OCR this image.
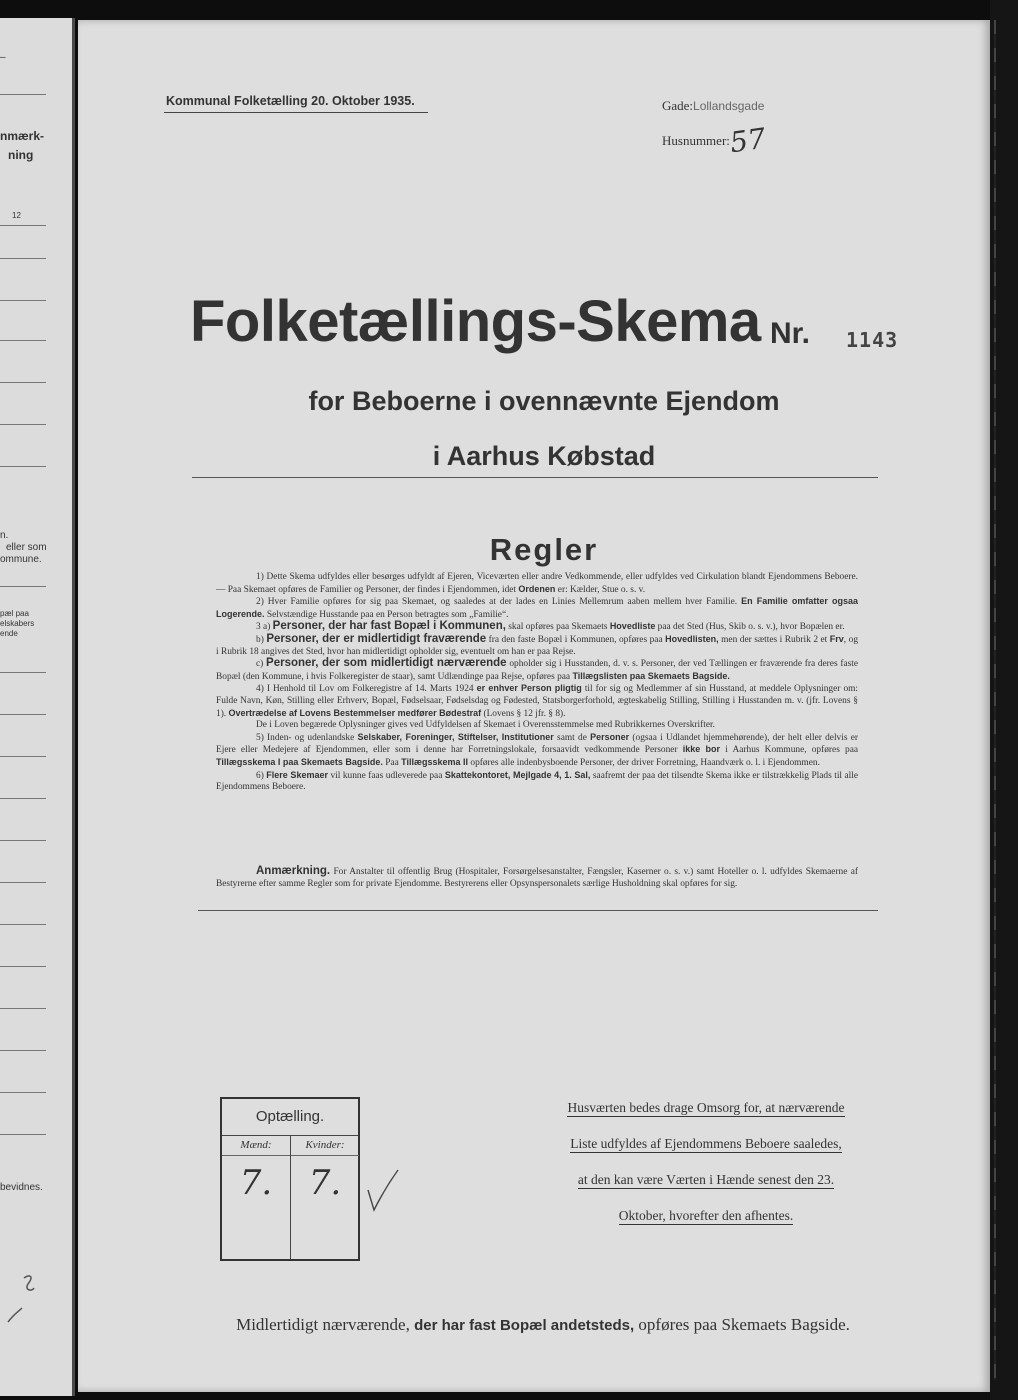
–
nmærk-
ning
12
n.
eller som
ommune.
pæl paa
elskabers
ende
bevidnes.
Kommunal Folketælling 20. Oktober 1935.	Gade:Lollandsgade
Husnummer:
57
Folketællings-Skema Nr. 1143
for Beboerne i ovennævnte Ejendom
i Aarhus Købstad
Regler

1) Dette Skema udfyldes eller besørges udfyldt af Ejeren, Viceværten eller andre Vedkommende, eller udfyldes ved Cirkulation blandt Ejendommens Beboere. — Paa Skemaet opføres de Familier og Personer, der findes i Ejendommen, idet Ordenen er: Kælder, Stue o. s. v.

2) Hver Familie opføres for sig paa Skemaet, og saaledes at der lades en Linies Mellemrum aaben mellem hver Familie. En Familie omfatter ogsaa Logerende. Selvstændige Husstande paa en Person betragtes som „Familie“.

3 a) Personer, der har fast Bopæl i Kommunen, skal opføres paa Skemaets Hovedliste paa det Sted (Hus, Skib o. s. v.), hvor Bopælen er.

b) Personer, der er midlertidigt fraværende fra den faste Bopæl i Kommunen, opføres paa Hovedlisten, men der sættes i Rubrik 2 et Frv, og i Rubrik 18 angives det Sted, hvor han midlertidigt opholder sig, eventuelt om han er paa Rejse.

c) Personer, der som midlertidigt nærværende opholder sig i Husstanden, d. v. s. Personer, der ved Tællingen er fraværende fra deres faste Bopæl (den Kommune, i hvis Folkeregister de staar), samt Udlændinge paa Rejse, opføres paa Tillægslisten paa Skemaets Bagside.

4) I Henhold til Lov om Folkeregistre af 14. Marts 1924 er enhver Person pligtig til for sig og Medlemmer af sin Husstand, at meddele Oplysninger om: Fulde Navn, Køn, Stilling eller Erhverv, Bopæl, Fødselsaar, Fødselsdag og Fødested, Statsborgerforhold, ægteskabelig Stilling, Stilling i Husstanden m. v. (jfr. Lovens § 1). Overtrædelse af Lovens Bestemmelser medfører Bødestraf (Lovens § 12 jfr. § 8).

De i Loven begærede Oplysninger gives ved Udfyldelsen af Skemaet i Overensstemmelse med Rubrikkernes Overskrifter.

5) Inden- og udenlandske Selskaber, Foreninger, Stiftelser, Institutioner samt de Personer (ogsaa i Udlandet hjemmehørende), der helt eller delvis er Ejere eller Medejere af Ejendommen, eller som i denne har Forretningslokale, forsaavidt vedkommende Personer ikke bor i Aarhus Kommune, opføres paa Tillægsskema I paa Skemaets Bagside. Paa Tillægsskema II opføres alle indenbysboende Personer, der driver Forretning, Haandværk o. l. i Ejendommen.

6) Flere Skemaer vil kunne faas udleverede paa Skattekontoret, Mejlgade 4, 1. Sal, saafremt der paa det tilsendte Skema ikke er tilstrækkelig Plads til alle Ejendommens Beboere.

Anmærkning. For Anstalter til offentlig Brug (Hospitaler, Forsørgelsesanstalter, Fængsler, Kaserner o. s. v.) samt Hoteller o. l. udfyldes Skemaerne af Bestyrerne efter samme Regler som for private Ejendomme. Bestyrerens eller Opsynspersonalets særlige Husholdning skal opføres for sig.

Optælling.
Mænd:
7.
Kvinder:
7.
Husværten bedes drage Omsorg for, at nærværende
Liste udfyldes af Ejendommens Beboere saaledes,
at den kan være Værten i Hænde senest den 23.
Oktober, hvorefter den afhentes.
Midlertidigt nærværende, der har fast Bopæl andetsteds, opføres paa Skemaets Bagside.
